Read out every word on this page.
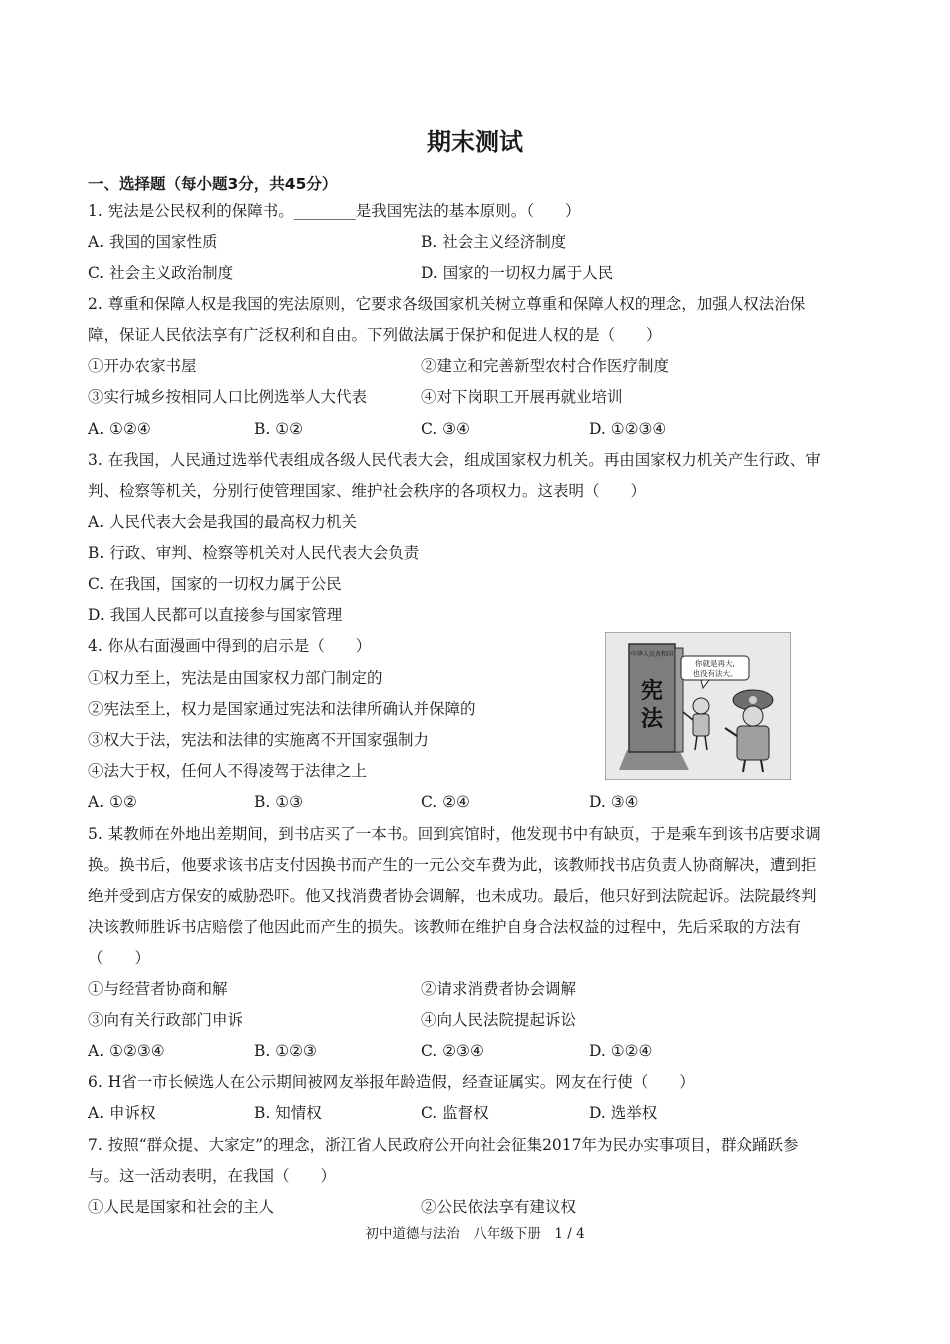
期末测试
一、选择题（每小题3分，共45分）
1. 宪法是公民权利的保障书。________是我国宪法的基本原则。（　　）
A. 我国的国家性质	B. 社会主义经济制度
C. 社会主义政治制度	D. 国家的一切权力属于人民
2. 尊重和保障人权是我国的宪法原则，它要求各级国家机关树立尊重和保障人权的理念，加强人权法治保
障，保证人民依法享有广泛权利和自由。下列做法属于保护和促进人权的是（　　）
①开办农家书屋	②建立和完善新型农村合作医疗制度
③实行城乡按相同人口比例选举人大代表	④对下岗职工开展再就业培训
A. ①②④	B. ①②	C. ③④	D. ①②③④
3. 在我国，人民通过选举代表组成各级人民代表大会，组成国家权力机关。再由国家权力机关产生行政、审
判、检察等机关，分别行使管理国家、维护社会秩序的各项权力。这表明（　　）
A. 人民代表大会是我国的最高权力机关
B. 行政、审判、检察等机关对人民代表大会负责
C. 在我国，国家的一切权力属于公民
D. 我国人民都可以直接参与国家管理
4. 你从右面漫画中得到的启示是（　　）
①权力至上，宪法是由国家权力部门制定的
②宪法至上，权力是国家通过宪法和法律所确认并保障的
③权大于法，宪法和法律的实施离不开国家强制力
④法大于权，任何人不得凌驾于法律之上
A. ①②	B. ①③	C. ②④	D. ③④
中华人民共和国
宪
法
你就是再大,
也没有法大。
5. 某教师在外地出差期间，到书店买了一本书。回到宾馆时，他发现书中有缺页，于是乘车到该书店要求调
换。换书后，他要求该书店支付因换书而产生的一元公交车费为此，该教师找书店负责人协商解决，遭到拒
绝并受到店方保安的威胁恐吓。他又找消费者协会调解，也未成功。最后，他只好到法院起诉。法院最终判
决该教师胜诉书店赔偿了他因此而产生的损失。该教师在维护自身合法权益的过程中，先后采取的方法有
（　　）
①与经营者协商和解	②请求消费者协会调解
③向有关行政部门申诉	④向人民法院提起诉讼
A. ①②③④	B. ①②③	C. ②③④	D. ①②④
6. H省一市长候选人在公示期间被网友举报年龄造假，经查证属实。网友在行使（　　）
A. 申诉权	B. 知情权	C. 监督权	D. 选举权
7. 按照“群众提、大家定”的理念，浙江省人民政府公开向社会征集2017年为民办实事项目，群众踊跃参
与。这一活动表明，在我国（　　）
①人民是国家和社会的主人	②公民依法享有建议权
初中道德与法治　八年级下册　1 / 4
